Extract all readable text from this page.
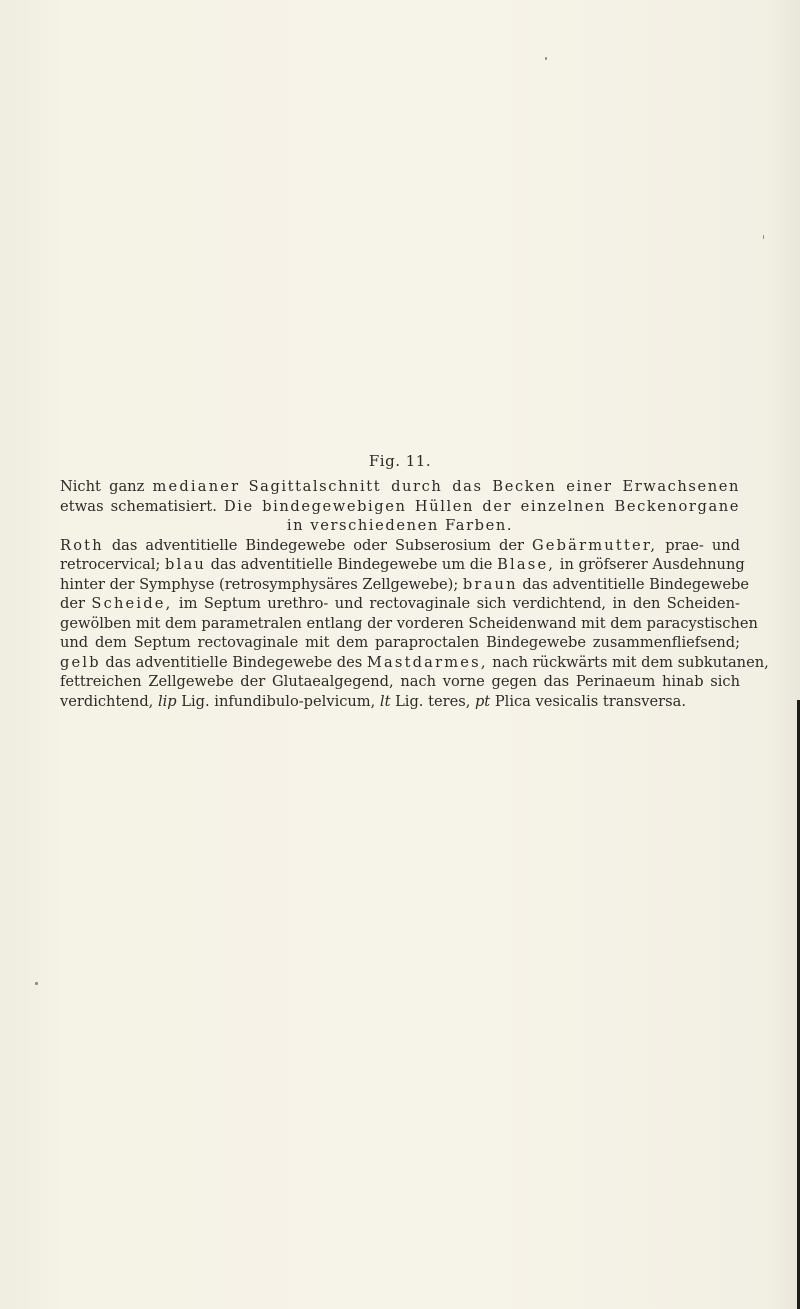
Fig. 11.
Nicht ganz medianer Sagittalschnitt durch das Becken einer Erwachsenen
etwas schematisiert. Die bindegewebigen Hüllen der einzelnen Beckenorgane
in verschiedenen Farben.
Roth das adventitielle Bindegewebe oder Subserosium der Gebärmutter, prae- und
retrocervical; blau das adventitielle Bindegewebe um die Blase, in gröfserer Ausdehnung
hinter der Symphyse (retrosymphysäres Zellgewebe); braun das adventitielle Bindegewebe
der Scheide, im Septum urethro- und rectovaginale sich verdichtend, in den Scheiden-
gewölben mit dem parametralen entlang der vorderen Scheidenwand mit dem paracystischen
und dem Septum rectovaginale mit dem paraproctalen Bindegewebe zusammenfliefsend;
gelb das adventitielle Bindegewebe des Mastdarmes, nach rückwärts mit dem subkutanen,
fettreichen Zellgewebe der Glutaealgegend, nach vorne gegen das Perinaeum hinab sich
verdichtend, lip Lig. infundibulo-pelvicum, lt Lig. teres, pt Plica vesicalis transversa.
